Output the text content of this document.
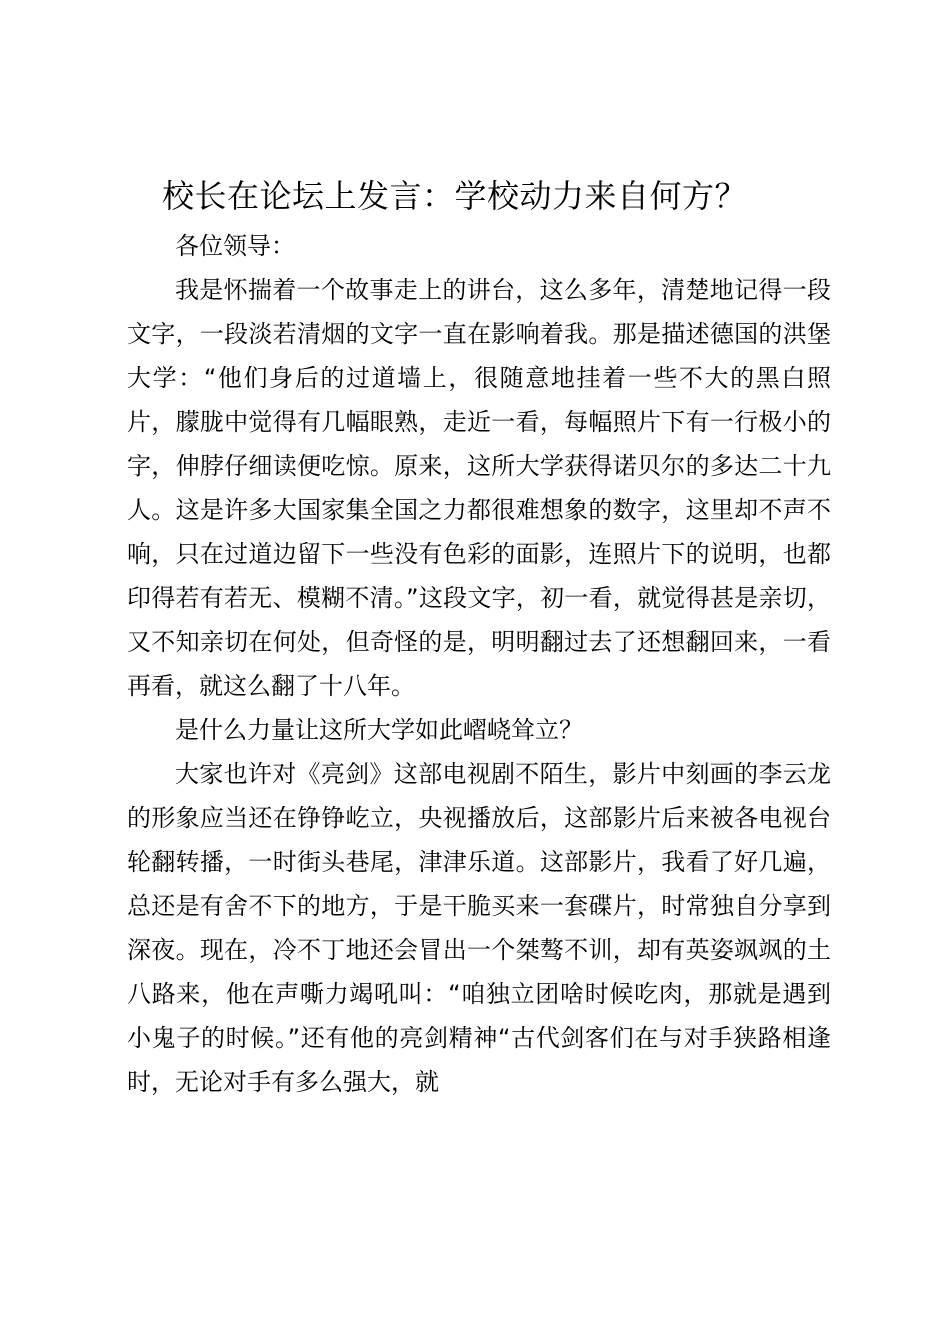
校长在论坛上发言：学校动力来自何方？

各位领导：

我是怀揣着一个故事走上的讲台，这么多年，清楚地记得一段文字，一段淡若清烟的文字一直在影响着我。那是描述德国的洪堡大学：“他们身后的过道墙上，很随意地挂着一些不大的黑白照片，朦胧中觉得有几幅眼熟，走近一看，每幅照片下有一行极小的字，伸脖仔细读便吃惊。原来，这所大学获得诺贝尔的多达二十九人。这是许多大国家集全国之力都很难想象的数字，这里却不声不响，只在过道边留下一些没有色彩的面影，连照片下的说明，也都印得若有若无、模糊不清。”这段文字，初一看，就觉得甚是亲切，又不知亲切在何处，但奇怪的是，明明翻过去了还想翻回来，一看再看，就这么翻了十八年。

是什么力量让这所大学如此嶍峣耸立？

大家也许对《亮剑》这部电视剧不陌生，影片中刻画的李云龙的形象应当还在铮铮屹立，央视播放后，这部影片后来被各电视台轮翻转播，一时街头巷尾，津津乐道。这部影片，我看了好几遍，总还是有舍不下的地方，于是干脆买来一套碟片，时常独自分享到深夜。现在，冷不丁地还会冒出一个桀骜不训，却有英姿飒飒的土八路来，他在声嘶力竭吼叫：“咱独立团啥时候吃肉，那就是遇到小鬼子的时候。”还有他的亮剑精神“古代剑客们在与对手狭路相逢时，无论对手有多么强大，就
